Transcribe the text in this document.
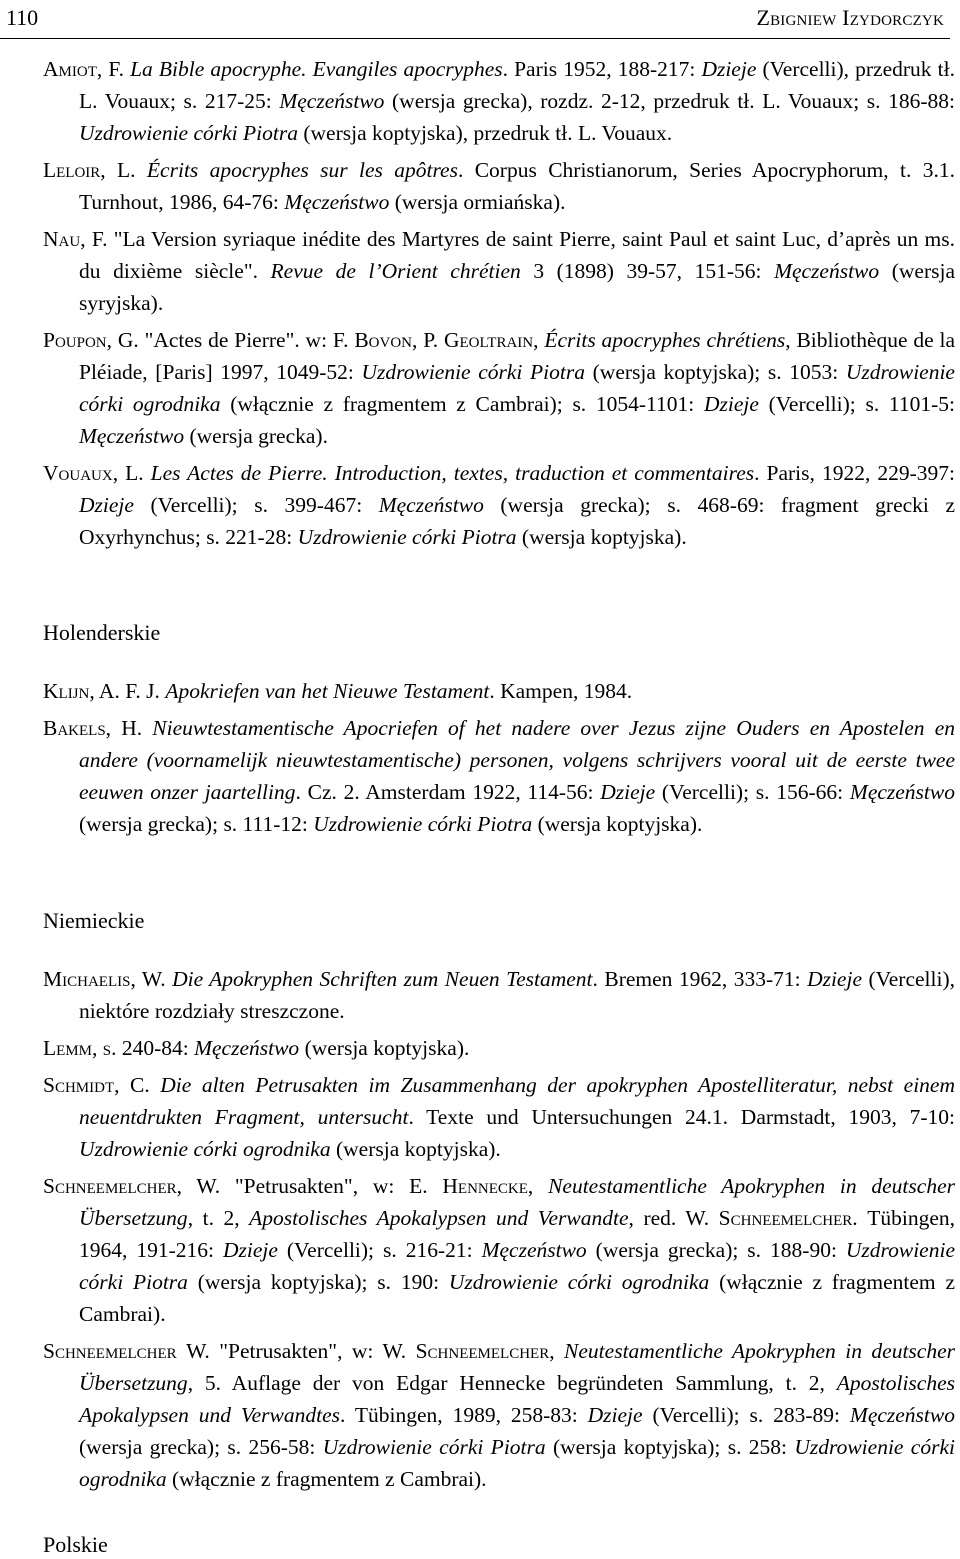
110	Zbigniew Izydorczyk

Amiot, F. La Bible apocryphe. Evangiles apocryphes. Paris 1952, 188-217: Dzieje (Vercelli), przedruk tł. L. Vouaux; s. 217-25: Męczeństwo (wersja grecka), rozdz. 2-12, przedruk tł. L. Vouaux; s. 186-88: Uzdrowienie córki Piotra (wersja koptyjska), przedruk tł. L. Vouaux.

Leloir, L. Écrits apocryphes sur les apôtres. Corpus Christianorum, Series Apocryphorum, t. 3.1. Turnhout, 1986, 64-76: Męczeństwo (wersja ormiańska).

Nau, F. "La Version syriaque inédite des Martyres de saint Pierre, saint Paul et saint Luc, d’après un ms. du dixième siècle". Revue de l’Orient chrétien 3 (1898) 39-57, 151-56: Męczeństwo (wersja syryjska).

Poupon, G. "Actes de Pierre". w: F. Bovon, P. Geoltrain, Écrits apocryphes chrétiens, Bibliothèque de la Pléiade, [Paris] 1997, 1049-52: Uzdrowienie córki Piotra (wersja koptyjska); s. 1053: Uzdrowienie córki ogrodnika (włącznie z fragmentem z Cambrai); s. 1054-1101: Dzieje (Vercelli); s. 1101-5: Męczeństwo (wersja grecka).

Vouaux, L. Les Actes de Pierre. Introduction, textes, traduction et commentaires. Paris, 1922, 229-397: Dzieje (Vercelli); s. 399-467: Męczeństwo (wersja grecka); s. 468-69: fragment grecki z Oxyrhynchus; s. 221-28: Uzdrowienie córki Piotra (wersja koptyjska).

Holenderskie

Klijn, A. F. J. Apokriefen van het Nieuwe Testament. Kampen, 1984.

Bakels, H. Nieuwtestamentische Apocriefen of het nadere over Jezus zijne Ouders en Apostelen en andere (voornamelijk nieuwtestamentische) personen, volgens schrijvers vooral uit de eerste twee eeuwen onzer jaartelling. Cz. 2. Amsterdam 1922, 114-56: Dzieje (Vercelli); s. 156-66: Męczeństwo (wersja grecka); s. 111-12: Uzdrowienie córki Piotra (wersja koptyjska).

Niemieckie

Michaelis, W. Die Apokryphen Schriften zum Neuen Testament. Bremen 1962, 333-71: Dzieje (Vercelli), niektóre rozdziały streszczone.

Lemm, s. 240-84: Męczeństwo (wersja koptyjska).

Schmidt, C. Die alten Petrusakten im Zusammenhang der apokryphen Apostelliteratur, nebst einem neuentdrukten Fragment, untersucht. Texte und Untersuchungen 24.1. Darmstadt, 1903, 7-10: Uzdrowienie córki ogrodnika (wersja koptyjska).

Schneemelcher, W. "Petrusakten", w: E. Hennecke, Neutestamentliche Apokryphen in deutscher Übersetzung, t. 2, Apostolisches Apokalypsen und Verwandte, red. W. Schneemelcher. Tübingen, 1964, 191-216: Dzieje (Vercelli); s. 216-21: Męczeństwo (wersja grecka); s. 188-90: Uzdrowienie córki Piotra (wersja koptyjska); s. 190: Uzdrowienie córki ogrodnika (włącznie z fragmentem z Cambrai).

Schneemelcher W. "Petrusakten", w: W. Schneemelcher, Neutestamentliche Apokryphen in deutscher Übersetzung, 5. Auflage der von Edgar Hennecke begründeten Sammlung, t. 2, Apostolisches Apokalypsen und Verwandtes. Tübingen, 1989, 258-83: Dzieje (Vercelli); s. 283-89: Męczeństwo (wersja grecka); s. 256-58: Uzdrowienie córki Piotra (wersja koptyjska); s. 258: Uzdrowienie córki ogrodnika (włącznie z fragmentem z Cambrai).

Polskie
